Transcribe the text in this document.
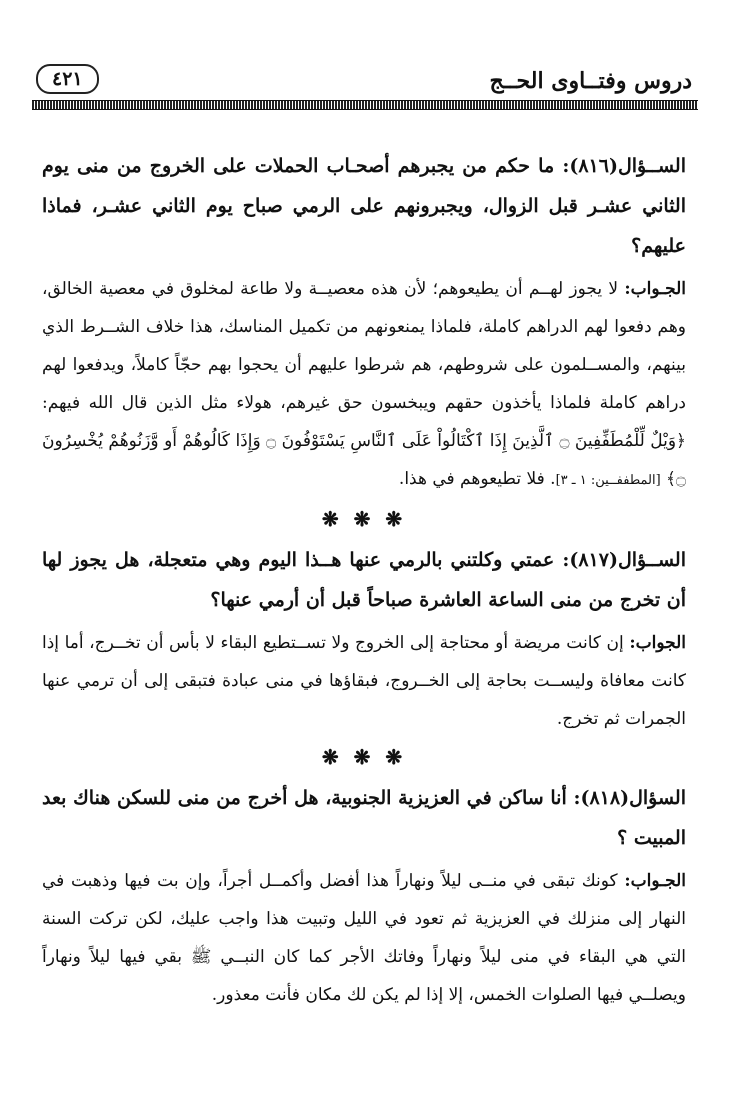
دروس وفتــاوى الحــج
٤٢١

الســؤال(٨١٦): ما حكم من يجبرهم أصحـاب الحملات على الخروج من منى يوم الثاني عشـر قبل الزوال، ويجبرونهم على الرمي صباح يوم الثاني عشـر، فماذا عليهم؟

الجـواب: لا يجوز لهــم أن يطيعوهم؛ لأن هذه معصيــة ولا طاعة لمخلوق في معصية الخالق، وهم دفعوا لهم الدراهم كاملة، فلماذا يمنعونهم من تكميل المناسك، هذا خلاف الشــرط الذي بينهم، والمســلمون على شروطهم، هم شرطوا عليهم أن يحجوا بهم حجّاً كاملاً، ويدفعوا لهم دراهم كاملة فلماذا يأخذون حقهم ويبخسون حق غيرهم، هولاء مثل الذين قال الله فيهم: ﴿وَيْلٌ لِّلْمُطَفِّفِينَ ۝ ٱلَّذِينَ إِذَا ٱكْتَالُواْ عَلَى ٱلنَّاسِ يَسْتَوْفُونَ ۝ وَإِذَا كَالُوهُمْ أَو وَّزَنُوهُمْ يُخْسِرُونَ ۝﴾ [المطففــين: ١ ـ ٣]. فلا تطيعوهم في هذا.

❋ ❋ ❋

الســؤال(٨١٧): عمتي وكلتني بالرمي عنها هــذا اليوم وهي متعجلة، هل يجوز لها أن تخرج من منى الساعة العاشرة صباحاً قبل أن أرمي عنها؟

الجواب: إن كانت مريضة أو محتاجة إلى الخروج ولا تســتطيع البقاء لا بأس أن تخــرج، أما إذا كانت معافاة وليســت بحاجة إلى الخــروج، فبقاؤها في منى عبادة فتبقى إلى أن ترمي عنها الجمرات ثم تخرج.

❋ ❋ ❋

السؤال(٨١٨): أنا ساكن في العزيزية الجنوبية، هل أخرج من منى للسكن هناك بعد المبيت ؟

الجـواب: كونك تبقى في منــى ليلاً ونهاراً هذا أفضل وأكمــل أجراً، وإن بت فيها وذهبت في النهار إلى منزلك في العزيزية ثم تعود في الليل وتبيت هذا واجب عليك، لكن تركت السنة التي هي البقاء في منى ليلاً ونهاراً وفاتك الأجر كما كان النبــي ﷺ بقي فيها ليلاً ونهاراً ويصلــي فيها الصلوات الخمس، إلا إذا لم يكن لك مكان فأنت معذور.
